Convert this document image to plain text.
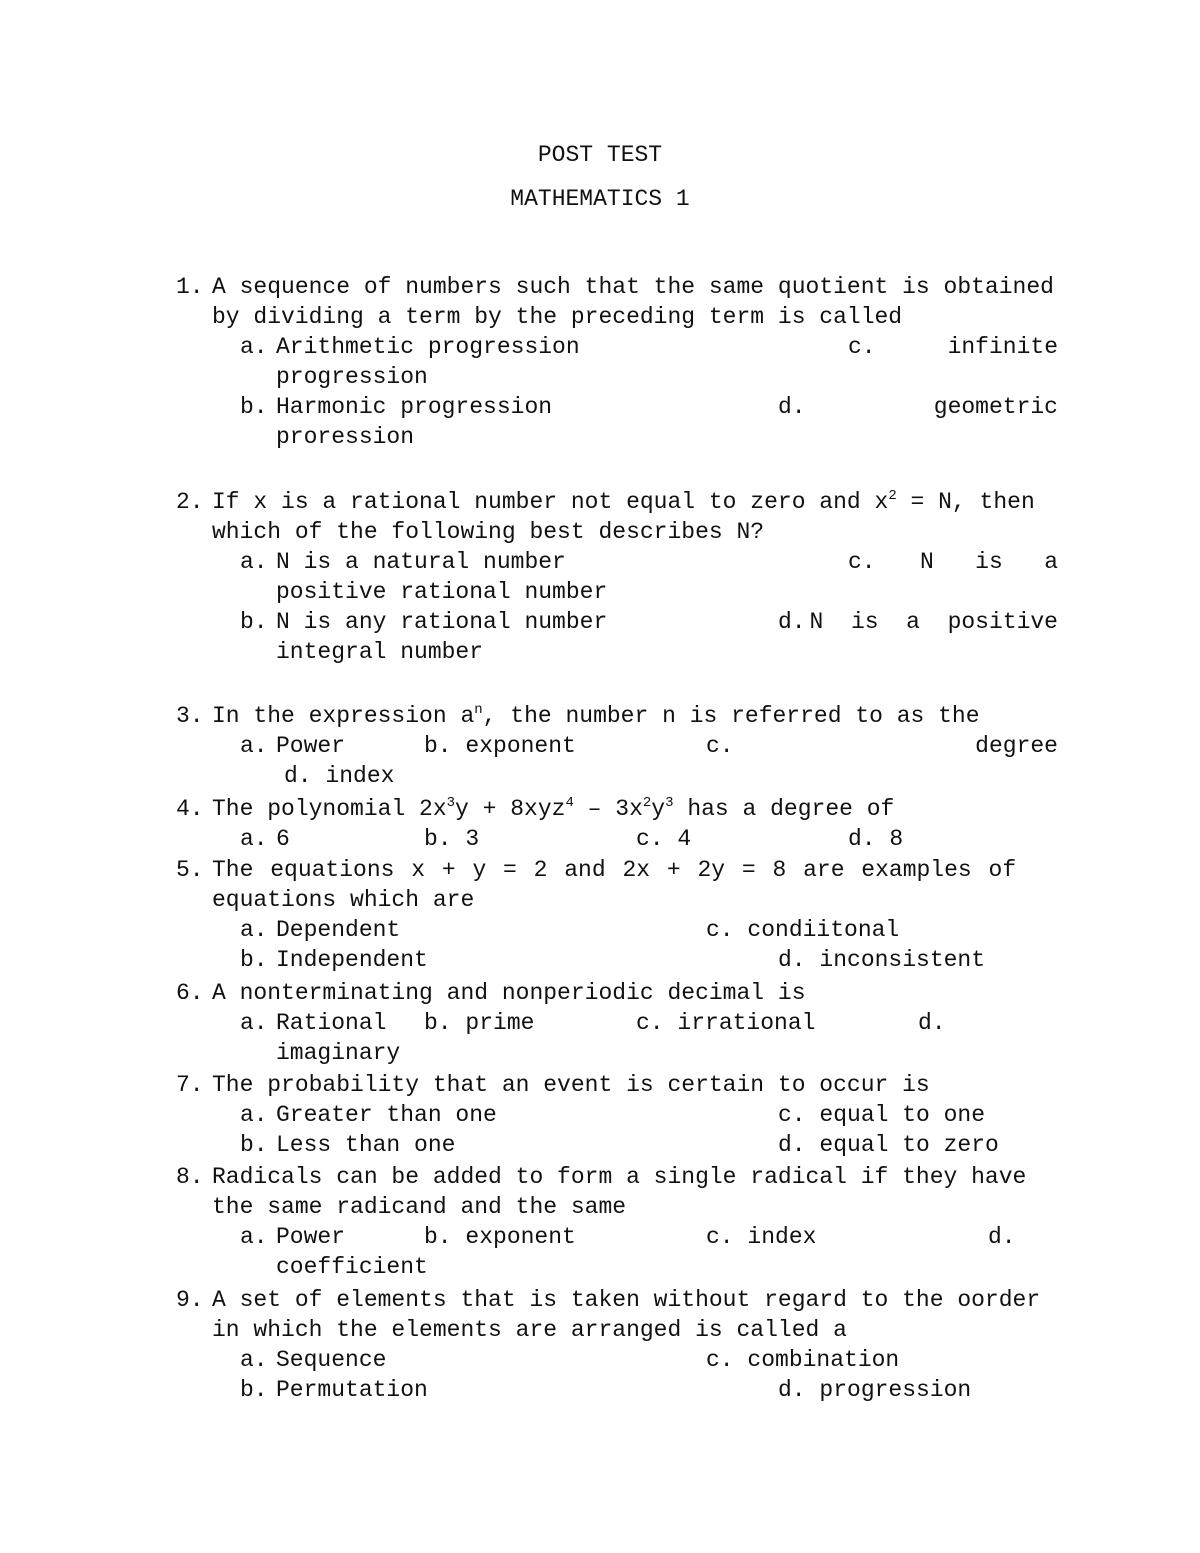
POST TEST
MATHEMATICS 1
1. A sequence of numbers such that the same quotient is obtained
by dividing a term by the preceding term is called
a. Arithmetic progression	c.	infinite
progression
b. Harmonic progression	d.	geometric
proression
2. If x is a rational number not equal to zero and $x^2 = N$, then
which of the following best describes N?
a. N is a natural number	c. N   is   a
positive rational number
b. N is any rational number	d. N  is  a  positive
integral number
3. In the expression $a^n$, the number n is referred to as the
a. Power	b. exponent	c.	degree
d. index
4. The polynomial $2x^3y + 8xyz^4 - 3x^2y^3$ has a degree of
a. 6	b. 3	c. 4	d. 8
5. The equations x + y = 2 and 2x + 2y = 8 are examples of
equations which are
a. Dependent	c. condiitonal
b. Independent	d. inconsistent
6. A nonterminating and nonperiodic decimal is
a. Rational b. prime	c. irrational	d.
imaginary
7. The probability that an event is certain to occur is
a. Greater than one	c. equal to one
b. Less than one	d. equal to zero
8. Radicals can be added to form a single radical if they have
the same radicand and the same
a. Power	b. exponent	c. index	d.
coefficient
9. A set of elements that is taken without regard to the oorder
in which the elements are arranged is called a
a. Sequence	c. combination
b. Permutation	d. progression
